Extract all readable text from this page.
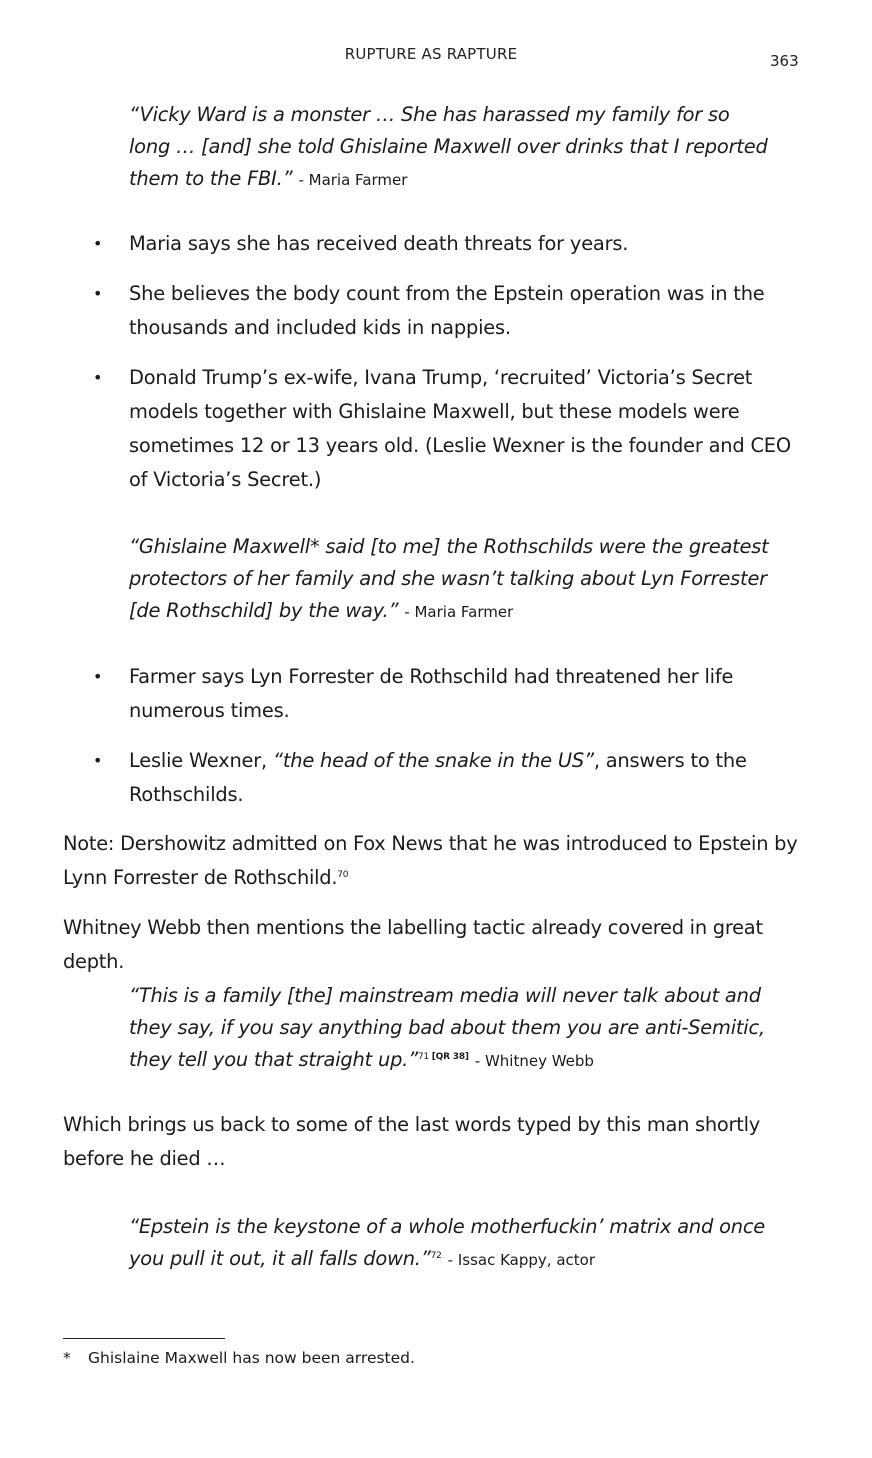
RUPTURE AS RAPTURE	363

“Vicky Ward is a monster … She has harassed my family for so long … [and] she told Ghislaine Maxwell over drinks that I reported them to the FBI.” - Maria Farmer

• Maria says she has received death threats for years.
• She believes the body count from the Epstein operation was in the thousands and included kids in nappies.
• Donald Trump’s ex-wife, Ivana Trump, ‘recruited’ Victoria’s Secret models together with Ghislaine Maxwell, but these models were sometimes 12 or 13 years old. (Leslie Wexner is the founder and CEO of Victoria’s Secret.)

“Ghislaine Maxwell* said [to me] the Rothschilds were the greatest protectors of her family and she wasn’t talking about Lyn Forrester [de Rothschild] by the way.” - Maria Farmer

• Farmer says Lyn Forrester de Rothschild had threatened her life numerous times.
• Leslie Wexner, “the head of the snake in the US”, answers to the Rothschilds.

Note: Dershowitz admitted on Fox News that he was introduced to Epstein by Lynn Forrester de Rothschild.$^{70}$

Whitney Webb then mentions the labelling tactic already covered in great depth.

“This is a family [the] mainstream media will never talk about and they say, if you say anything bad about them you are anti-Semitic, they tell you that straight up.”$^{71 [QR 38]}$ - Whitney Webb

Which brings us back to some of the last words typed by this man shortly before he died …

“Epstein is the keystone of a whole motherfuckin’ matrix and once you pull it out, it all falls down.”$^{72}$ - Issac Kappy, actor

* Ghislaine Maxwell has now been arrested.
